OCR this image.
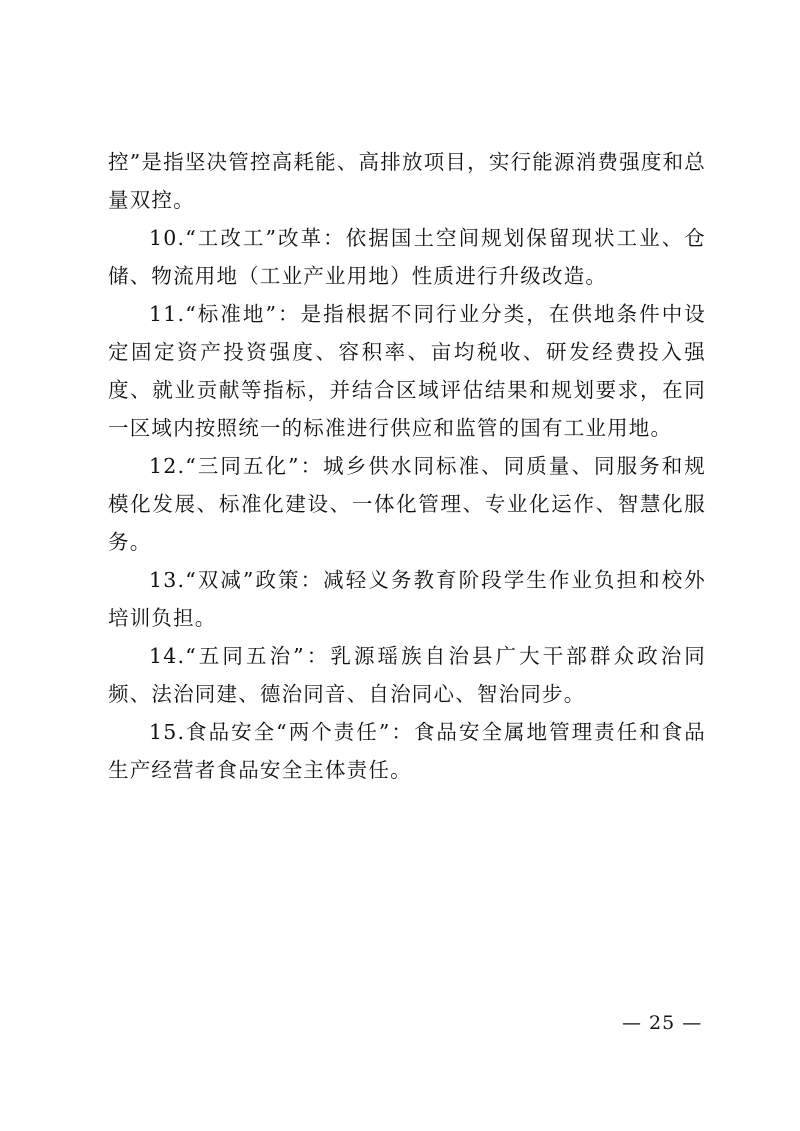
控”是指坚决管控高耗能、高排放项目，实行能源消费强度和总量双控。

10.“工改工”改革：依据国土空间规划保留现状工业、仓储、物流用地（工业产业用地）性质进行升级改造。

11.“标准地”：是指根据不同行业分类，在供地条件中设定固定资产投资强度、容积率、亩均税收、研发经费投入强度、就业贡献等指标，并结合区域评估结果和规划要求，在同一区域内按照统一的标准进行供应和监管的国有工业用地。

12.“三同五化”：城乡供水同标准、同质量、同服务和规模化发展、标准化建设、一体化管理、专业化运作、智慧化服务。

13.“双减”政策：减轻义务教育阶段学生作业负担和校外培训负担。

14.“五同五治”：乳源瑶族自治县广大干部群众政治同频、法治同建、德治同音、自治同心、智治同步。

15.食品安全“两个责任”：食品安全属地管理责任和食品生产经营者食品安全主体责任。

— 25 —
